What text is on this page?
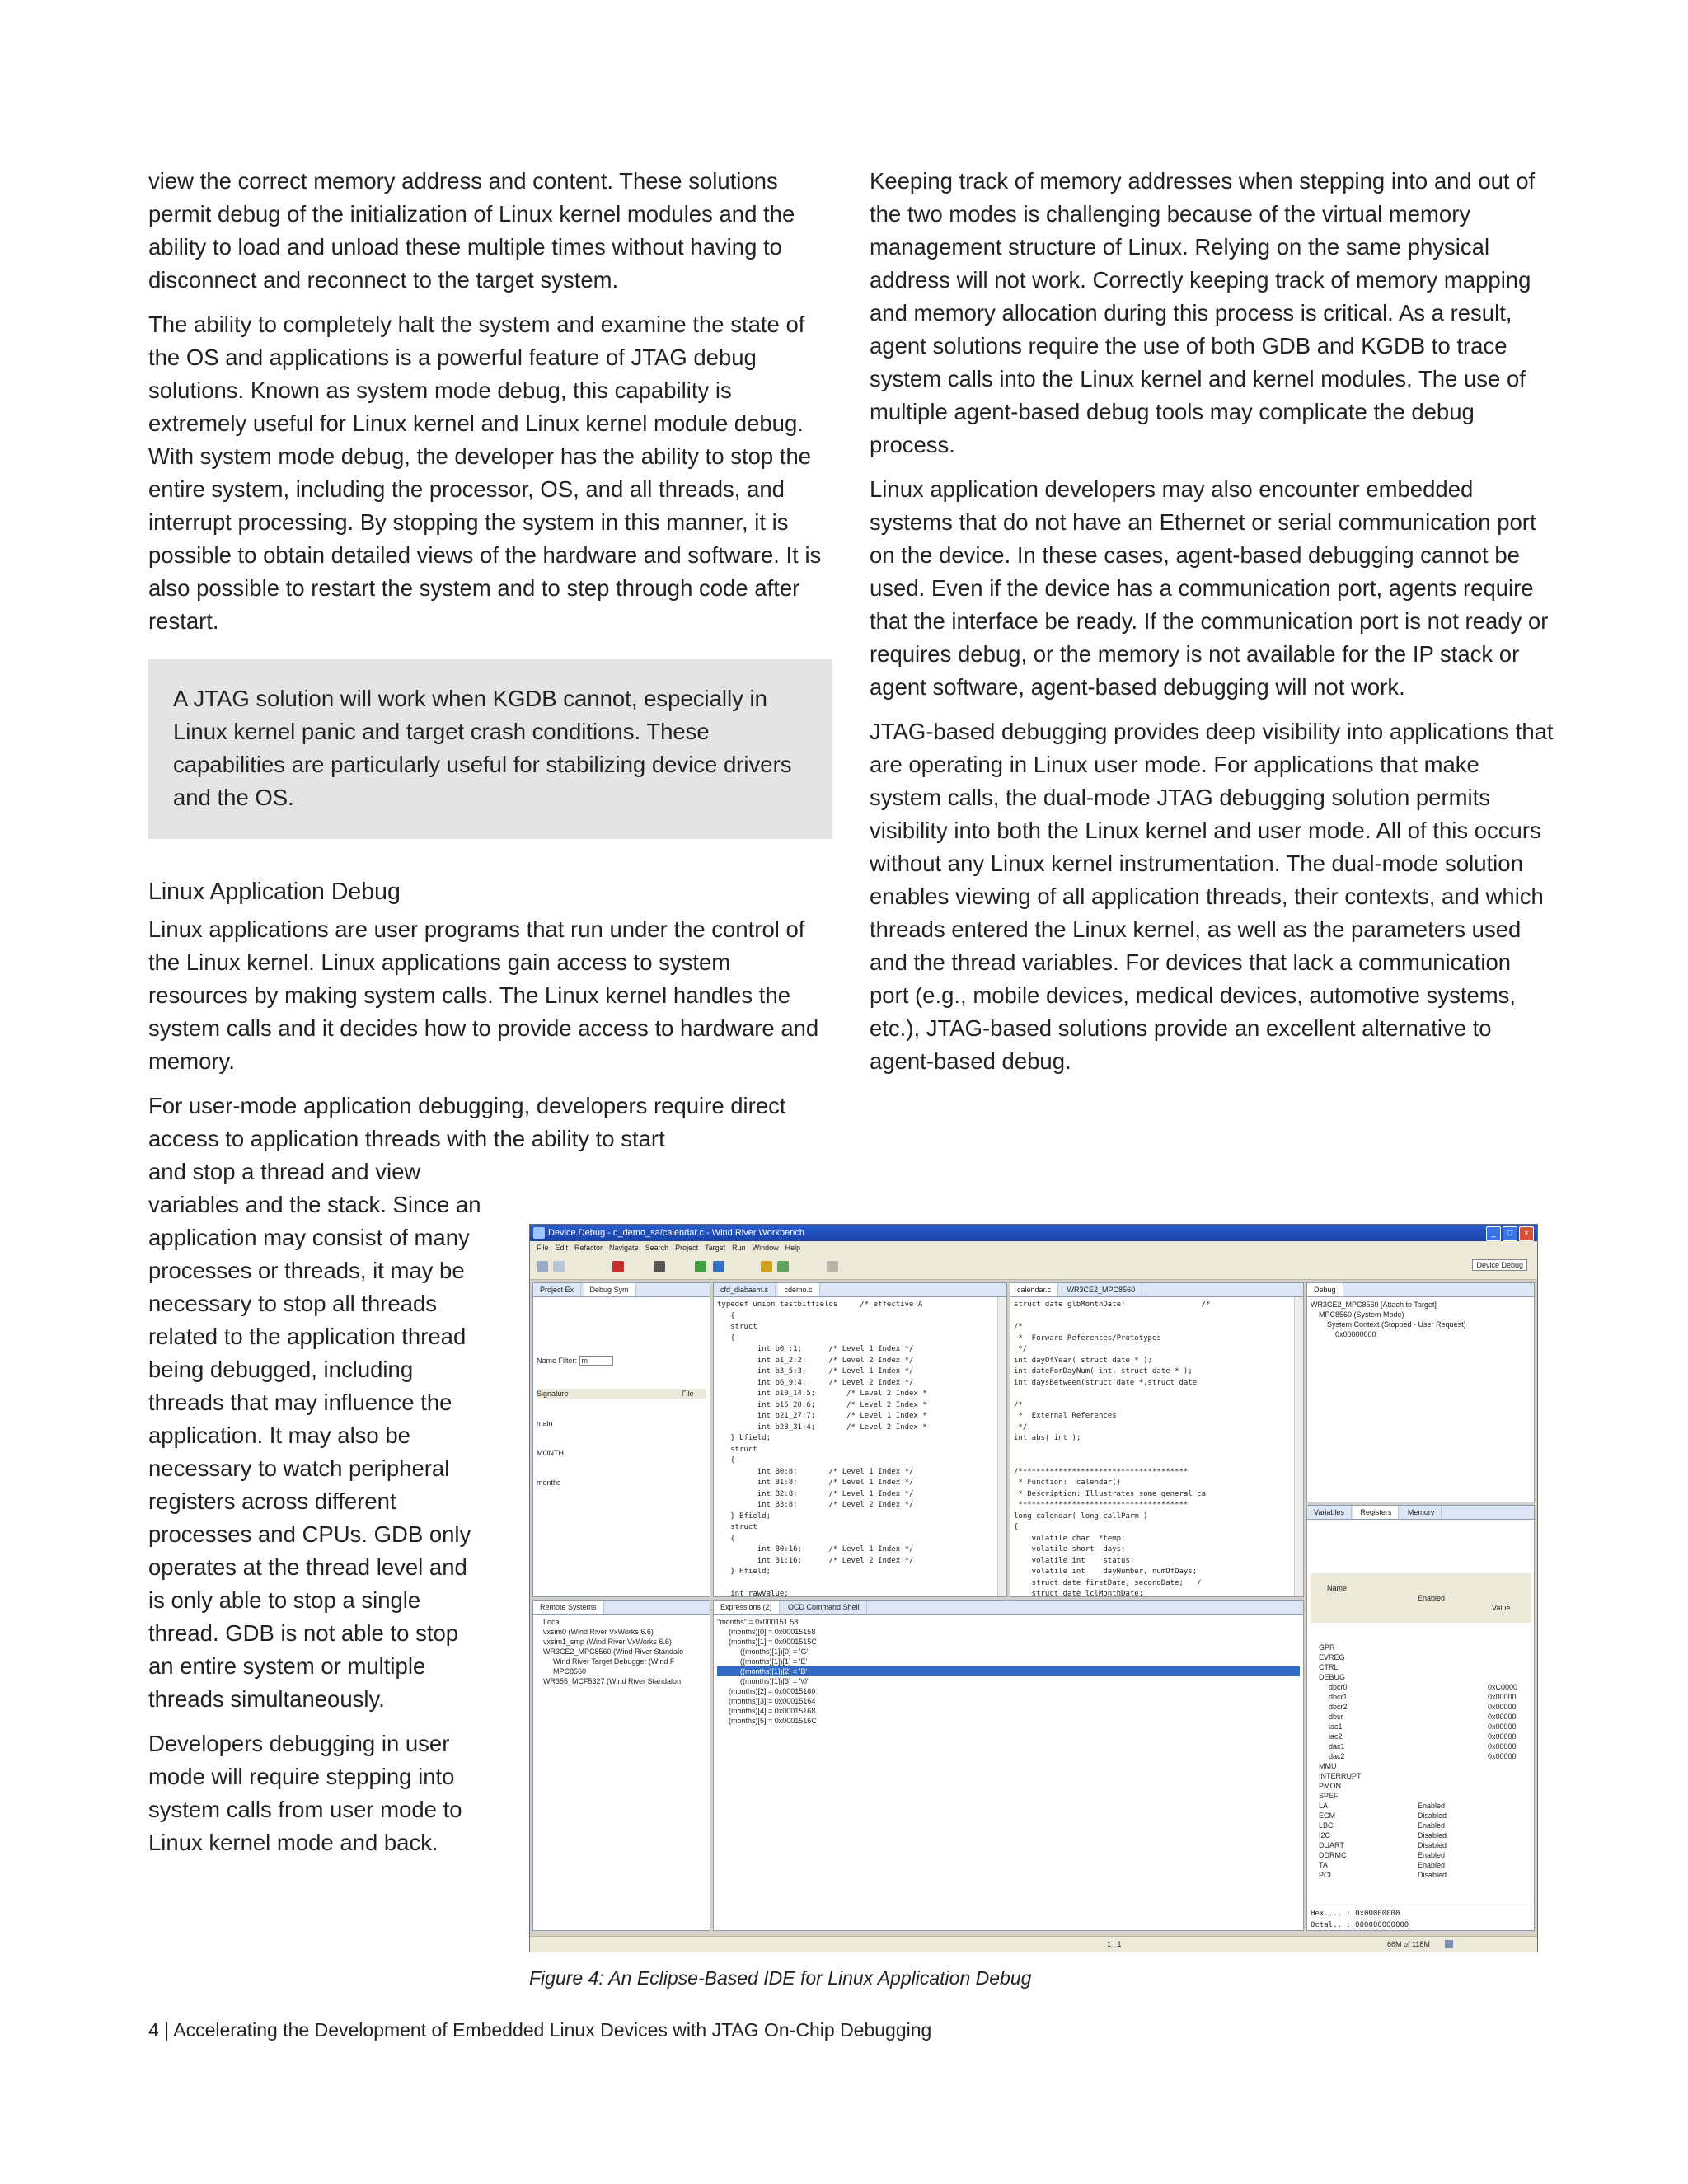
view the correct memory address and content. These solutions permit debug of the initialization of Linux kernel modules and the ability to load and unload these multiple times without having to disconnect and reconnect to the target system.

The ability to completely halt the system and examine the state of the OS and applications is a powerful feature of JTAG debug solutions. Known as system mode debug, this capability is extremely useful for Linux kernel and Linux kernel module debug. With system mode debug, the developer has the ability to stop the entire system, including the processor, OS, and all threads, and interrupt processing. By stopping the system in this manner, it is possible to obtain detailed views of the hardware and software. It is also possible to restart the system and to step through code after restart.

A JTAG solution will work when KGDB cannot, especially in Linux kernel panic and target crash conditions. These capabilities are particularly useful for stabilizing device drivers and the OS.

Linux Application Debug

Linux applications are user programs that run under the control of the Linux kernel. Linux applications gain access to system resources by making system calls. The Linux kernel handles the system calls and it decides how to provide access to hardware and memory.

For user-mode application debugging, developers require direct access to application threads with the ability to start

and stop a thread and view variables and the stack. Since an application may consist of many processes or threads, it may be necessary to stop all threads related to the application thread being debugged, including threads that may influence the application. It may also be necessary to watch peripheral registers across different processes and CPUs. GDB only operates at the thread level and is only able to stop a single thread. GDB is not able to stop an entire system or multiple threads simultaneously.

Developers debugging in user mode will require stepping into system calls from user mode to Linux kernel mode and back.

Keeping track of memory addresses when stepping into and out of the two modes is challenging because of the virtual memory management structure of Linux. Relying on the same physical address will not work. Correctly keeping track of memory mapping and memory allocation during this process is critical. As a result, agent solutions require the use of both GDB and KGDB to trace system calls into the Linux kernel and kernel modules. The use of multiple agent-based debug tools may complicate the debug process.

Linux application developers may also encounter embedded systems that do not have an Ethernet or serial communication port on the device. In these cases, agent-based debugging cannot be used. Even if the device has a communication port, agents require that the interface be ready. If the communication port is not ready or requires debug, or the memory is not available for the IP stack or agent software, agent-based debugging will not work.

JTAG-based debugging provides deep visibility into applications that are operating in Linux user mode. For applications that make system calls, the dual-mode JTAG debugging solution permits visibility into both the Linux kernel and user mode. All of this occurs without any Linux kernel instrumentation. The dual-mode solution enables viewing of all application threads, their contexts, and which threads entered the Linux kernel, as well as the parameters used and the thread variables. For devices that lack a communication port (e.g., mobile devices, medical devices, automotive systems, etc.), JTAG-based solutions provide an excellent alternative to agent-based debug.

Device Debug - c_demo_sa/calendar.c - Wind River Workbench	_	□	×
File Edit Refactor Navigate Search Project Target Run Window Help
Device Debug
Project Ex Debug Sym

Name Filter: m

Signature	File

main

MONTH

months

Remote Systems
Local
vxsim0 (Wind River VxWorks 6.6)
vxsim1_smp (Wind River VxWorks 6.6)
WR3CE2_MPC8560 (Wind River Standalo
Wind River Target Debugger (Wind F
MPC8560
WR355_MCF5327 (Wind River Standalon
cfd_diabasm.s cdemo.c
typedef union testbitfields     /* effective A
{
struct
{
int b0 :1;      /* Level 1 Index */
int b1_2:2;     /* Level 2 Index */
int b3_5:3;     /* Level 1 Index */
int b6_9:4;     /* Level 2 Index */
int b10_14:5;       /* Level 2 Index *
int b15_20:6;       /* Level 2 Index *
int b21_27:7;       /* Level 1 Index *
int b28_31:4;       /* Level 2 Index *
} bfield;
struct
{
int B0:8;       /* Level 1 Index */
int B1:8;       /* Level 1 Index */
int B2:8;       /* Level 1 Index */
int B3:8;       /* Level 2 Index */
} Bfield;
struct
{
int B0:16;      /* Level 1 Index */
int B1:16;      /* Level 2 Index */
} Hfield;

int rawValue;

calendar.c WR3CE2_MPC8560
struct date glbMonthDate;                 /*

/*
*  Forward References/Prototypes
*/
int dayOfYear( struct date * );
int dateForDayNum( int, struct date * );
int daysBetween(struct date *,struct date

/*
*  External References
*/
int abs( int );

/**************************************
* Function:  calendar()
* Description: Illustrates some general ca
**************************************
long calendar( long callParm )
{
volatile char  *temp;
volatile short  days;
volatile int    status;
volatile int    dayNumber, numOfDays;
struct date firstDate, secondDate;   /
struct date lclMonthDate;

Debug
WR3CE2_MPC8560 [Attach to Target]
MPC8560 (System Mode)
System Context (Stopped - User Request)
0x00000000
Variables Registers Memory

Name

Enabled

Value

GPR
EVREG
CTRL
DEBUG
dbcr0	0xC0000
dbcr1	0x00000
dbcr2	0x00000
dbsr	0x00000
iac1	0x00000
iac2	0x00000
dac1	0x00000
dac2	0x00000
MMU
INTERRUPT
PMON
SPEF
LA	Enabled
ECM	Disabled
LBC	Enabled
I2C	Disabled
DUART	Disabled
DDRMC	Enabled
TA	Enabled
PCI	Disabled

Hex.... : 0x00000000
Octal.. : 000000000000

Expressions (2) OCD Command Shell
"months" = 0x000151 58
(months)[0] = 0x00015158
(months)[1] = 0x0001515C
((months)[1])[0] = 'G'
((months)[1])[1] = 'E'
((months)[1])[2] = 'B'
((months)[1])[3] = '\0'
(months)[2] = 0x00015160
(months)[3] = 0x00015164
(months)[4] = 0x00015168
(months)[5] = 0x0001516C
1 : 1	66M of 118M
Figure 4: An Eclipse-Based IDE for Linux Application Debug
4 | Accelerating the Development of Embedded Linux Devices with JTAG On-Chip Debugging
